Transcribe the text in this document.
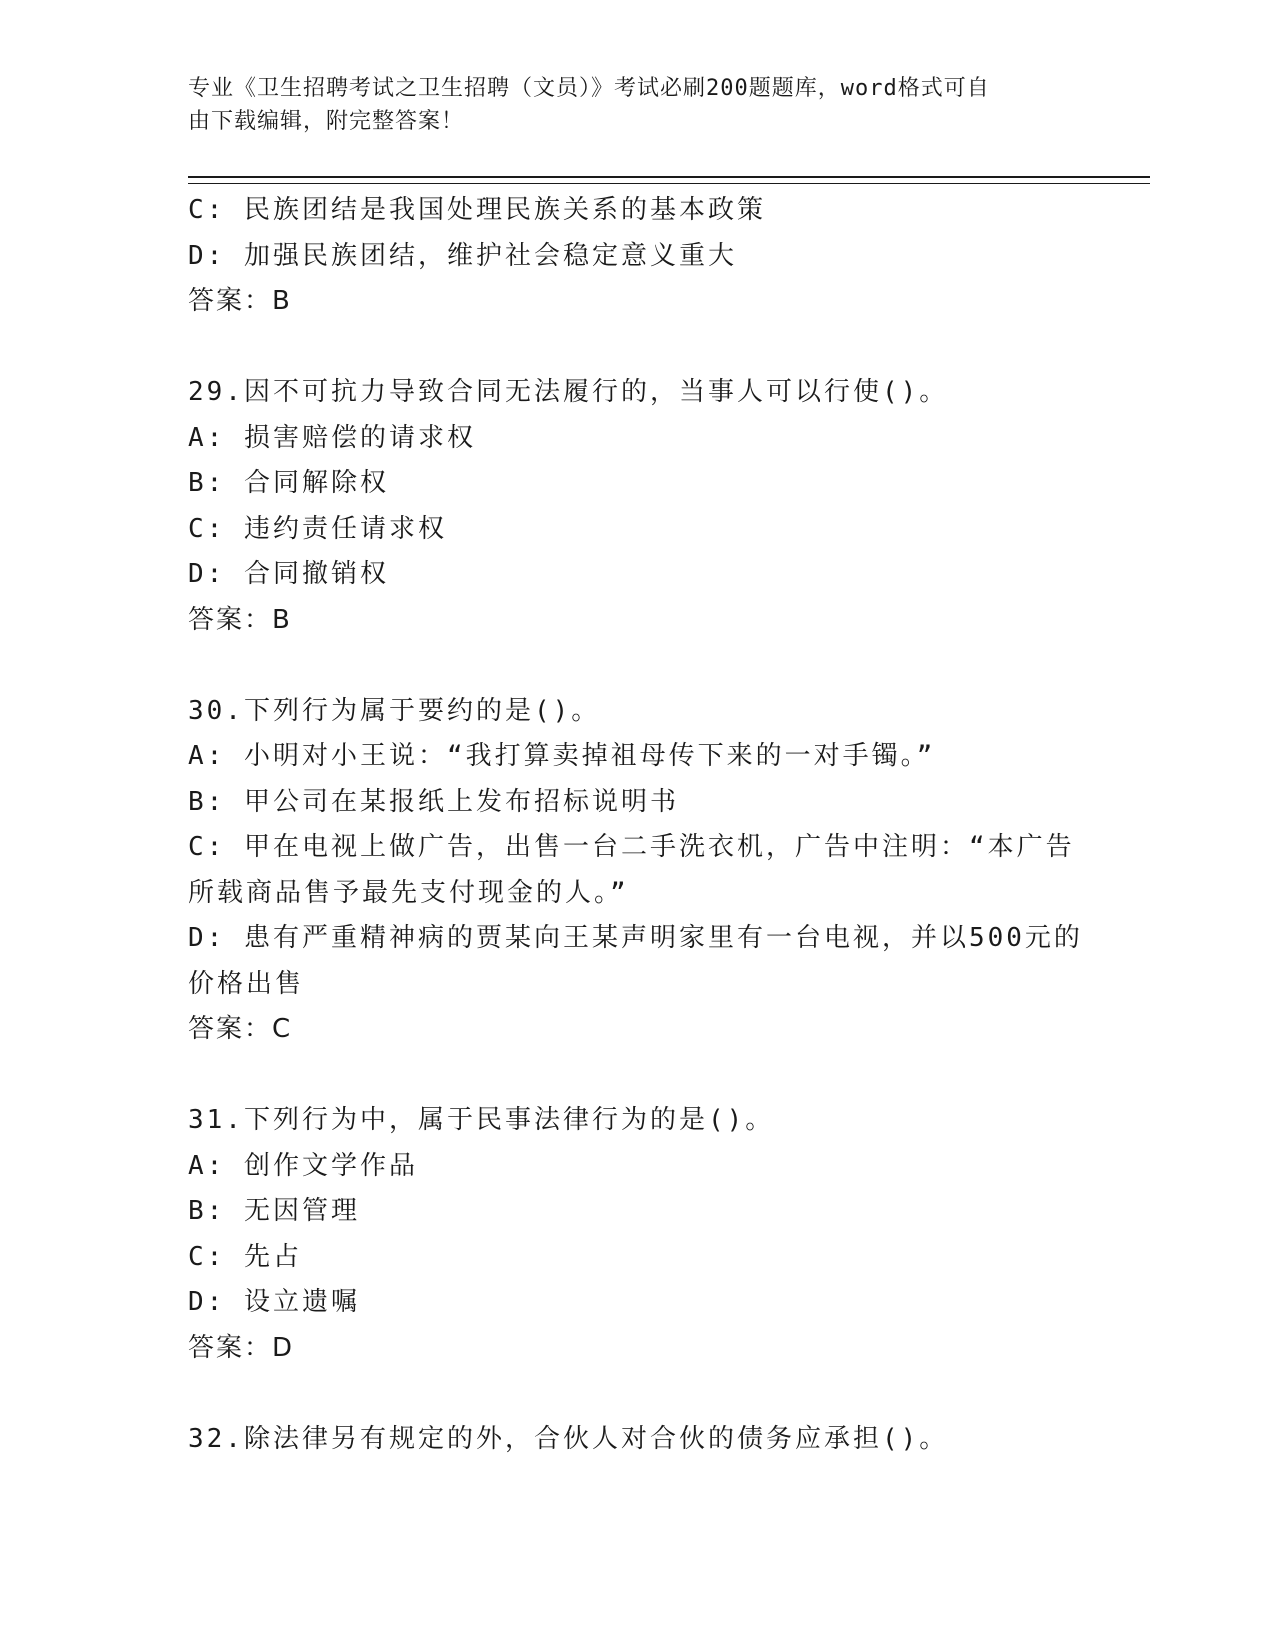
专业《卫生招聘考试之卫生招聘（文员）》考试必刷200题题库，word格式可自
由下载编辑，附完整答案！
C: 民族团结是我国处理民族关系的基本政策
D: 加强民族团结，维护社会稳定意义重大
答案：B
29.因不可抗力导致合同无法履行的，当事人可以行使()。
A: 损害赔偿的请求权
B: 合同解除权
C: 违约责任请求权
D: 合同撤销权
答案：B
30.下列行为属于要约的是()。
A: 小明对小王说：“我打算卖掉祖母传下来的一对手镯。”
B: 甲公司在某报纸上发布招标说明书
C: 甲在电视上做广告，出售一台二手洗衣机，广告中注明：“本广告
所载商品售予最先支付现金的人。”
D: 患有严重精神病的贾某向王某声明家里有一台电视，并以500元的
价格出售
答案：C
31.下列行为中，属于民事法律行为的是()。
A: 创作文学作品
B: 无因管理
C: 先占
D: 设立遗嘱
答案：D
32.除法律另有规定的外，合伙人对合伙的债务应承担()。
